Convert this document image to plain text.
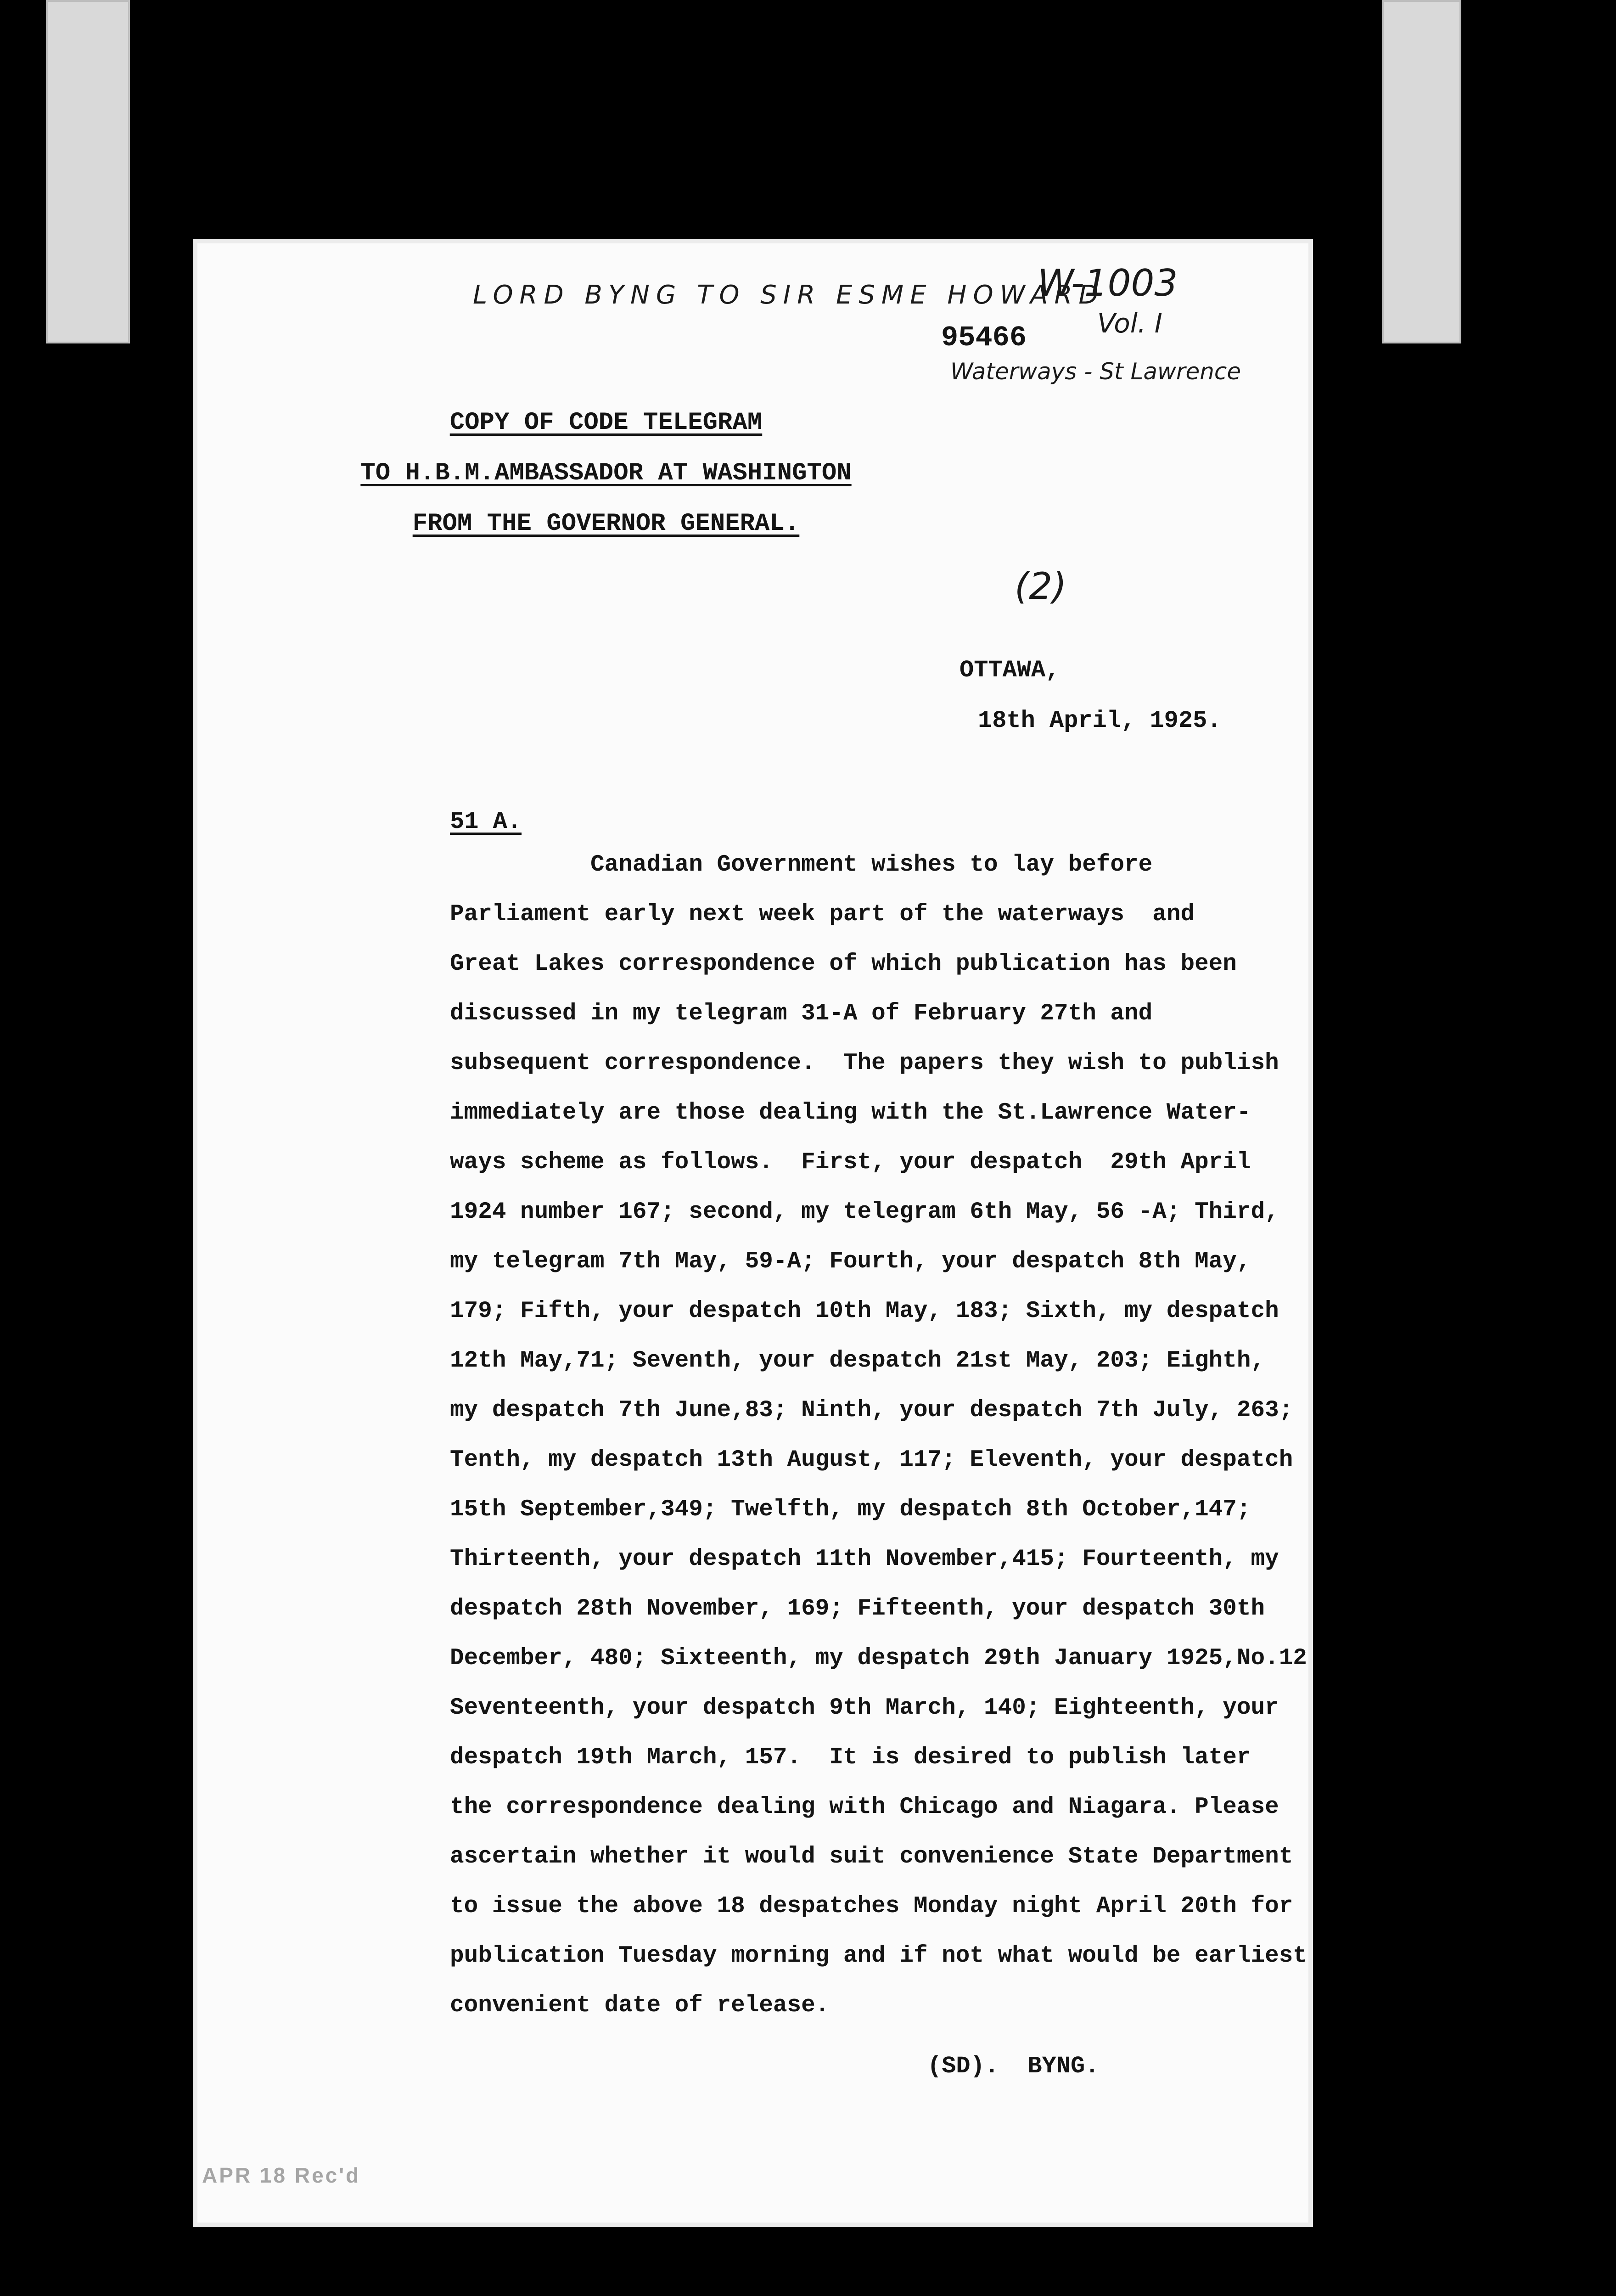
LORD BYNG TO SIR ESME HOWARD
W-1003
Vol. I
95466
Waterways - St Lawrence
COPY OF CODE TELEGRAM
TO H.B.M.AMBASSADOR AT WASHINGTON
FROM THE GOVERNOR GENERAL.
(2)
OTTAWA,
18th April, 1925.
51 A.
Canadian Government wishes to lay before
Parliament early next week part of the waterways  and
Great Lakes correspondence of which publication has been
discussed in my telegram 31-A of February 27th and
subsequent correspondence.  The papers they wish to publish
immediately are those dealing with the St.Lawrence Water-
ways scheme as follows.  First, your despatch  29th April
1924 number 167; second, my telegram 6th May, 56 -A; Third,
my telegram 7th May, 59-A; Fourth, your despatch 8th May,
179; Fifth, your despatch 10th May, 183; Sixth, my despatch
12th May,71; Seventh, your despatch 21st May, 203; Eighth,
my despatch 7th June,83; Ninth, your despatch 7th July, 263;
Tenth, my despatch 13th August, 117; Eleventh, your despatch
15th September,349; Twelfth, my despatch 8th October,147;
Thirteenth, your despatch 11th November,415; Fourteenth, my
despatch 28th November, 169; Fifteenth, your despatch 30th
December, 480; Sixteenth, my despatch 29th January 1925,No.12
Seventeenth, your despatch 9th March, 140; Eighteenth, your
despatch 19th March, 157.  It is desired to publish later
the correspondence dealing with Chicago and Niagara. Please
ascertain whether it would suit convenience State Department
to issue the above 18 despatches Monday night April 20th for
publication Tuesday morning and if not what would be earliest
convenient date of release.
(SD).  BYNG.
APR 18 Rec'd
